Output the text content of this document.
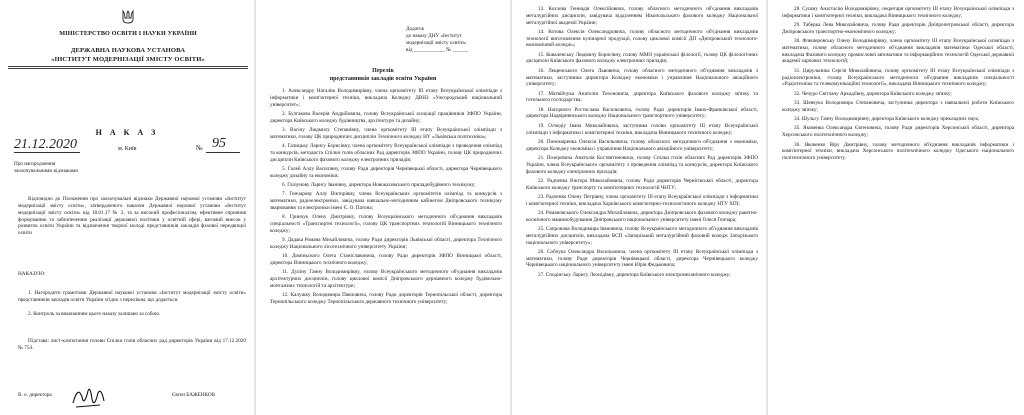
МІНІСТЕРСТВО ОСВІТИ І НАУКИ УКРАЇНИ
ДЕРЖАВНА НАУКОВА УСТАНОВА
«ІНСТИТУТ МОДЕРНІЗАЦІЇ ЗМІСТУ ОСВІТИ»
Н А К А З
21.12.2020	м. Київ	№ 95
Про нагородження
заохочувальними відзнаками
Відповідно до Положення про заохочувальні відзнаки Державної наукової установи «Інститут модернізації змісту освіти», затвердженого наказом Державної наукової установи «Інститут модернізації змісту освіти» від 18.01.17 № 2, та за високий професіоналізм, ефективне сприяння формуванню та забезпеченню реалізації державної політики у освітній сфері, вагомий внесок у розвиток освіти України та відзначення творчої молоді представників закладів фахової передвищої освіти
НАКАЗУЮ:
1. Нагородити грамотами Державної наукової установи «Інститут модернізації змісту освіти» представників закладів освіти України згідно з переліком, що додається.
2. Контроль за виконанням цього наказу залишаю за собою.
Підстава: лист-клопотання голови Спілки голів обласних рад директорів України від 17.12.2020 № 754.
В. о. директора	Євген БАЖЕНКОВ
Додаток
до наказу ДНУ «Інститут
модернізації змісту освіти»
від ____________ № ______
Перелік
представників закладів освіти України
1. Александру Наталію Володимирівну, члена оргкомітету III етапу Всеукраїнської олімпіади з інформатики і комп'ютерної техніки, викладача Коледжу ДВНЗ «Ужгородський національний університет»;
2. Булгакова Валерія Андрійовича, голову Всеукраїнської асоціації працівників ЗФПО України, директора Київського коледжу будівництва, архітектури та дизайну;
3. Васіну Людмилу Степанівну, члена оргкомітету III етапу Всеукраїнської олімпіади з математики, голову ЦК природничих дисциплін Технічного коледжу НУ «Львівська політехніка»;
4. Галицьку Ларису Борисівну, члена оргкомітету Всеукраїнської олімпіади з проведення олімпіад та конкурсів, методиста Спілки голів обласних Рад директорів ЗФПО України, голову ЦК природничих дисциплін Київського фахового коледжу електронних приладів;
5. Галей Аллу Василівну, голову Ради директорів Чернівецької області, директора Чернівецького коледжу дизайну та економіки;
6. Глазунову Ларису Іванівну, директора Новокаховського приладобудівного технікуму;
7. Гончарову Аллу Вікторівну, члена Всеукраїнських оргкомітетів олімпіад та конкурсів з математики, радіоелектроніки, завідувача навчально-методичним кабінетом Дніпровського технікуму зварювання та електроніки імені Є. О. Патона;
8. Гринчук Олену Дмитрівну, голову Всеукраїнського методичного об'єднання викладачів спеціальності «Транспортні технології», голову ЦК транспортних технологій Вінницького технічного коледжу;
9. Дадака Романа Михайловича, голову Ради директорів Львівської області, директора Технічного коледжу Національного лісотехнічного університету України;
10. Доміньского Олега Станіславовича, голову Ради директорів ЗФПО Вінницької області, директора Вінницького технічного коледжу;
11. Дуліну Ганну Володимирівну, голову Всеукраїнського методичного об'єднання викладачів архітектурних дисциплін, голову циклової комісії Дніпровського державного коледжу будівельно-монтажних технологій та архітектури;
12. Калушку Володимира Павловича, голову Ради директорів Тернопільської області, директора Тернопільського коледжу Тернопільського державного технічного університету;
13. Козлова Геннадія Олексійовича, голову обласного методичного об'єднання викладачів металургійних дисциплін, завідувача відділенням Нікопольського фахового коледжу Національної металургійної академії України;
14. Котова Олексія Олександровича, голову обласного методичного об'єднання викладачів технології виготовлення кулінарної продукції, голову циклової комісії ДП «Дніпровський технолого-економічний коледж»;
15. Коваленську Людмилу Борисівну, голову ММО української філології, голову ЦК філологічних дисциплін Київського фахового коледжу електронних приладів;
16. Лещенського Олега Львовича, голову обласного методичного об'єднання викладачів з математики, заступника директора Коледжу економіки і управління Національного авіаційного університету;
17. Матвійчука Анатолія Тихоновича, директора Київського фахового коледжу зв'язку та готельного господарства;
18. Нагорного Ростислава Васильовича, голову Ради директорів Івано-Франківської області, директора Надвірнянського коледжу Національного транспортного університету;
19. Олчедіу Івана Миколайовича, заступника голови оргкомітету III етапу Всеукраїнської олімпіади з інформатики і комп'ютерної техніки, викладача Вінницького технічного коледжу;
20. Пономаренка Олексія Васильовича, голову обласного методичного об'єднання з економіки, директора Коледжу економіки і управління Національного авіаційного університету;
21. Позерєвича Анатолія Костянтиновича, голову Спілки голів обласних Рад директорів ЗФПО України, члена Всеукраїнського оргкомітету з проведення олімпіад та конкурсів, директора Київського фахового коледжу електронних приладів;
22. Радченка Віктора Миколайовича, голову Ради директорів Чернігівської області, директора Київського коледжу транспорту та комп'ютерних технологій ЧНТУ;
23. Радченко Олену Петрівну, члена оргкомітету III етапу Всеукраїнської олімпіади з інформатики і комп'ютерної техніки, викладача Харківського комп'ютерно-технологічного коледжу НТУ ХПІ;
24. Романовського Олександра Михайловича, директора Дніпровського фахового коледжу ракетно-космічного машинобудування Дніпровського національного університету імені Олеся Гончара;
25. Сапронова Володимира Івановича, голову Всеукраїнського методичного об'єднання викладачів металургійних дисциплін, викладача ВСП «Запорізький металургійний фаховий коледж Запорізького національного університету»;
26. Собчука Олександра Васильовича, члена оргкомітету III етапу Всеукраїнської олімпіади з математики, голову Ради директорів Чернівецької області, директора Чернівецького коледжу Чернівецького національного університету імені Юрія Федьковича;
27. Сподінську Ларису Леонідівну, директора Київського електромеханічного коледжу;
28. Сушму Анастасію Володимирівну, секретаря оргкомітету III етапу Всеукраїнської олімпіади з інформатики і комп'ютерної техніки, викладача Вінницького технічного коледжу;
29. Таберка Лева Миколайовича, голову Ради директорів Дніпропетровської області, директора Дніпровського транспортно-економічного коледжу;
30. Флешеровську Олену Володимирівну, члена оргкомітету III етапу Всеукраїнської олімпіади з математики, голову обласного методичного об'єднання викладачів математики Одеської області, викладача Фахового коледжу промислової автоматики та інформаційних технологій Одеської державної академії харчових технологій;
31. Цирульника Сергія Миколайовича, голову оргкомітету III етапу Всеукраїнської олімпіади з радіоелектроніки, голову Всеукраїнського методичного об'єднання викладачів спеціальності «Радіотехніка та телекомунікаційні технології», викладача Вінницького технічного коледжу;
32. Чечуро Світлану Аркадіївну, директора Київського коледжу зв'язку;
33. Шевчука Володимира Степановича, заступника директора з навчальної роботи Київського коледжу зв'язку;
34. Шульгу Ганну Володимирівну, директора Київського коледжу прикладних наук;
35. Яковенка Олександра Євгеновича, голову Ради директорів Херсонської області, директора Херсонського політехнічного коледжу;
36. Яковенко Віру Дмитрівну, голову методичного об'єднання викладачів інформатики і комп'ютерної техніки, викладача Херсонського політехнічного коледжу Одеського національного політехнічного університету.
